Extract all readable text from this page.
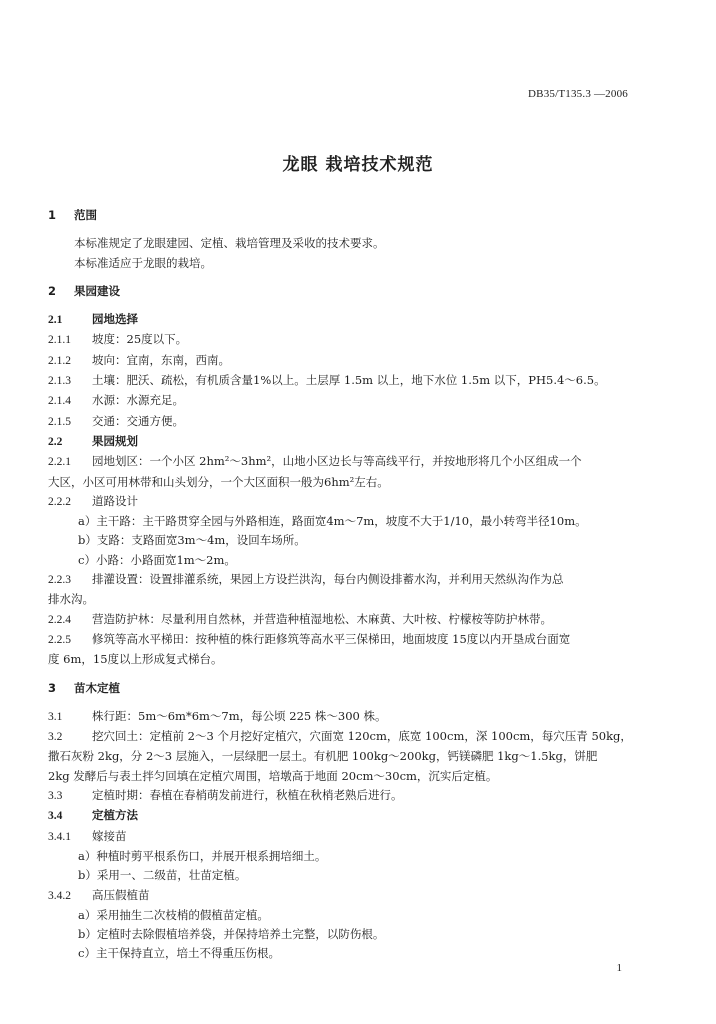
DB35/T135.3 —2006
龙眼 栽培技术规范
1 范围
本标准规定了龙眼建园、定植、栽培管理及采收的技术要求。
本标准适应于龙眼的栽培。
2 果园建设
2.1	园地选择
2.1.1 坡度：25度以下。
2.1.2 坡向：宜南，东南，西南。
2.1.3 土壤：肥沃、疏松，有机质含量1%以上。土层厚 1.5m 以上，地下水位 1.5m 以下，PH5.4～6.5。
2.1.4 水源：水源充足。
2.1.5 交通：交通方便。
2.2	果园规划
2.2.1 园地划区：一个小区 2hm²～3hm²，山地小区边长与等高线平行，并按地形将几个小区组成一个
大区，小区可用林带和山头划分，一个大区面积一般为6hm²左右。
2.2.2 道路设计
a）主干路：主干路贯穿全园与外路相连，路面宽4m～7m，坡度不大于1/10，最小转弯半径10m。
b）支路：支路面宽3m～4m，设回车场所。
c）小路：小路面宽1m～2m。
2.2.3 排灌设置：设置排灌系统，果园上方设拦洪沟，每台内侧设排蓄水沟，并利用天然纵沟作为总
排水沟。
2.2.4 营造防护林：尽量利用自然林，并营造种植湿地松、木麻黄、大叶桉、柠檬桉等防护林带。
2.2.5 修筑等高水平梯田：按种植的株行距修筑等高水平三保梯田，地面坡度 15度以内开垦成台面宽
度 6m，15度以上形成复式梯台。
3 苗木定植
3.1	株行距：5m～6m*6m～7m，每公顷 225 株～300 株。
3.2	挖穴回土：定植前 2～3 个月挖好定植穴，穴面宽 120cm，底宽 100cm，深 100cm，每穴压青 50kg，
撒石灰粉 2kg，分 2～3 层施入，一层绿肥一层土。有机肥 100kg～200kg，钙镁磷肥 1kg～1.5kg，饼肥
2kg 发酵后与表土拌匀回填在定植穴周围，培墩高于地面 20cm～30cm，沉实后定植。
3.3	定植时期：春植在春梢萌发前进行，秋植在秋梢老熟后进行。
3.4	定植方法
3.4.1 嫁接苗
a）种植时剪平根系伤口，并展开根系拥培细土。
b）采用一、二级苗，壮苗定植。
3.4.2 高压假植苗
a）采用抽生二次枝梢的假植苗定植。
b）定植时去除假植培养袋，并保持培养土完整，以防伤根。
c）主干保持直立，培土不得重压伤根。
1
